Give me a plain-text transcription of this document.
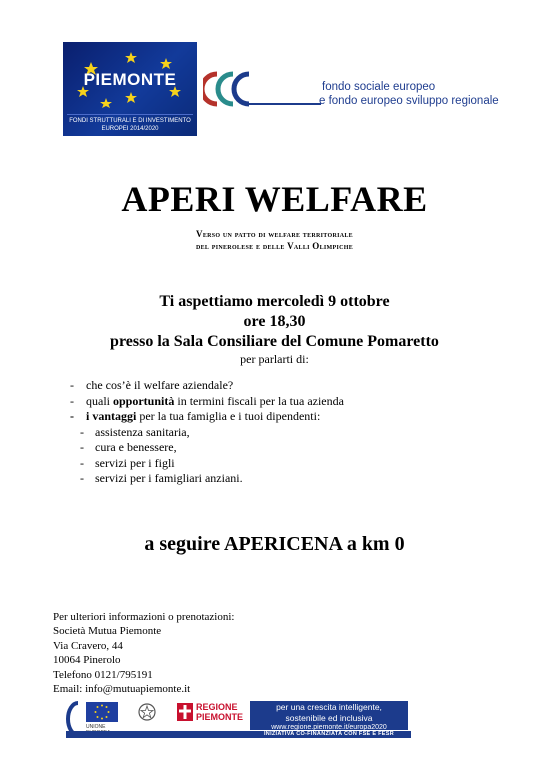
PIEMONTE
FONDI STRUTTURALI E DI INVESTIMENTO EUROPEI 2014/2020
fondo sociale europeo
e fondo europeo sviluppo regionale
APERI WELFARE
Verso un patto di welfare territoriale
del pinerolese e delle Valli Olimpiche
Ti aspettiamo mercoledì 9 ottobre
ore 18,30
presso la Sala Consiliare del Comune Pomaretto
per parlarti di:
- che cos’è il welfare aziendale?
- quali opportunità in termini fiscali per la tua azienda
- i vantaggi per la tua famiglia e i tuoi dipendenti:
- assistenza sanitaria,
- cura e benessere,
- servizi per i figli
- servizi per i famigliari anziani.
a seguire APERICENA a km 0
Per ulteriori informazioni o prenotazioni:
Società Mutua Piemonte
Via Cravero, 44
10064 Pinerolo
Telefono 0121/795191
Email: info@mutuapiemonte.it
UNIONE
REGIONE
PIEMONTE
per una crescita intelligente,
sostenibile ed inclusiva
www.regione.piemonte.it/europa2020
INIZIATIVA CO-FINANZIATA CON FSE E FESR
